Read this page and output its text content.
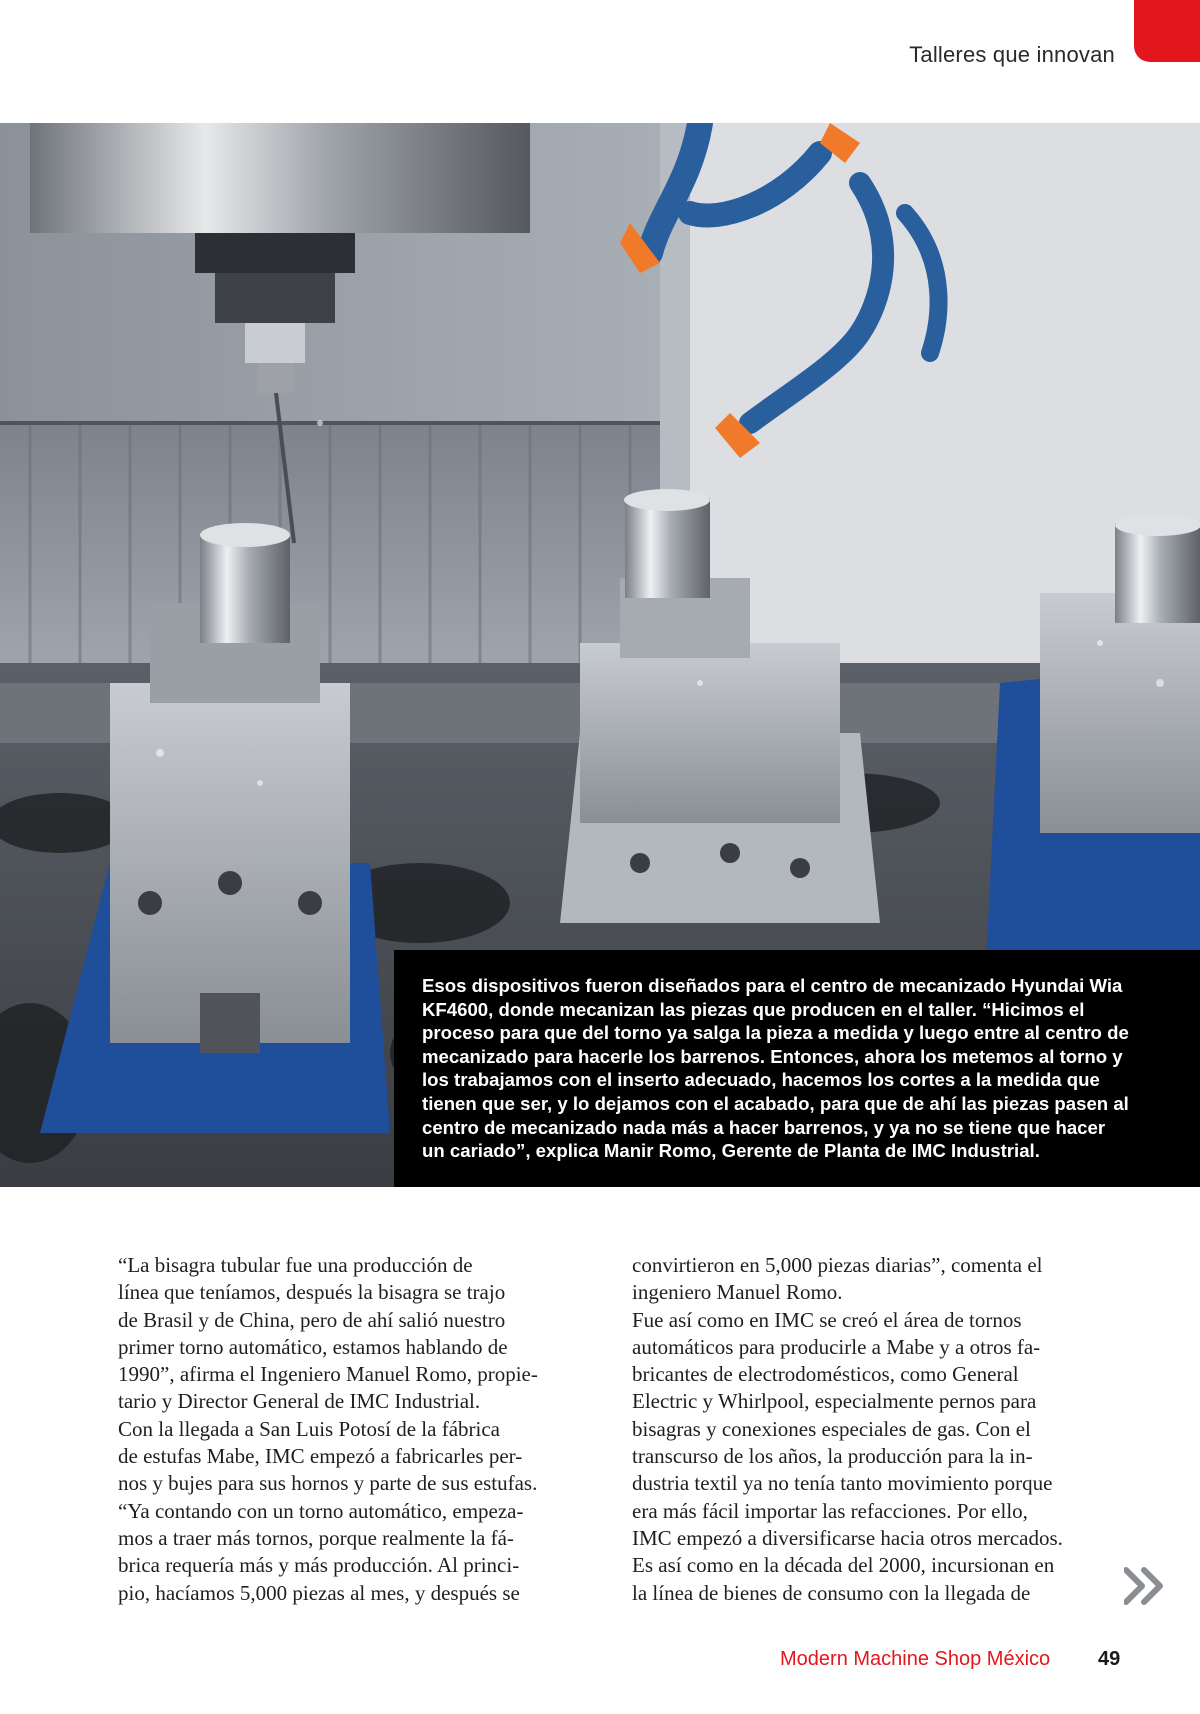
Talleres que innovan
Esos dispositivos fueron diseñados para el centro de mecanizado Hyundai Wia
KF4600, donde mecanizan las piezas que producen en el taller. “Hicimos el
proceso para que del torno ya salga la pieza a medida y luego entre al centro de
mecanizado para hacerle los barrenos. Entonces, ahora los metemos al torno y
los trabajamos con el inserto adecuado, hacemos los cortes a la medida que
tienen que ser, y lo dejamos con el acabado, para que de ahí las piezas pasen al
centro de mecanizado nada más a hacer barrenos, y ya no se tiene que hacer
un cariado”, explica Manir Romo, Gerente de Planta de IMC Industrial.
“La bisagra tubular fue una producción de
línea que teníamos, después la bisagra se trajo
de Brasil y de China, pero de ahí salió nuestro
primer torno automático, estamos hablando de
1990”, afirma el Ingeniero Manuel Romo, propie-
tario y Director General de IMC Industrial.
Con la llegada a San Luis Potosí de la fábrica
de estufas Mabe, IMC empezó a fabricarles per-
nos y bujes para sus hornos y parte de sus estufas.
“Ya contando con un torno automático, empeza-
mos a traer más tornos, porque realmente la fá-
brica requería más y más producción. Al princi-
pio, hacíamos 5,000 piezas al mes, y después se
convirtieron en 5,000 piezas diarias”, comenta el
ingeniero Manuel Romo.
Fue así como en IMC se creó el área de tornos
automáticos para producirle a Mabe y a otros fa-
bricantes de electrodomésticos, como General
Electric y Whirlpool, especialmente pernos para
bisagras y conexiones especiales de gas. Con el
transcurso de los años, la producción para la in-
dustria textil ya no tenía tanto movimiento porque
era más fácil importar las refacciones. Por ello,
IMC empezó a diversificarse hacia otros mercados.
Es así como en la década del 2000, incursionan en
la línea de bienes de consumo con la llegada de
Modern Machine Shop México 49
